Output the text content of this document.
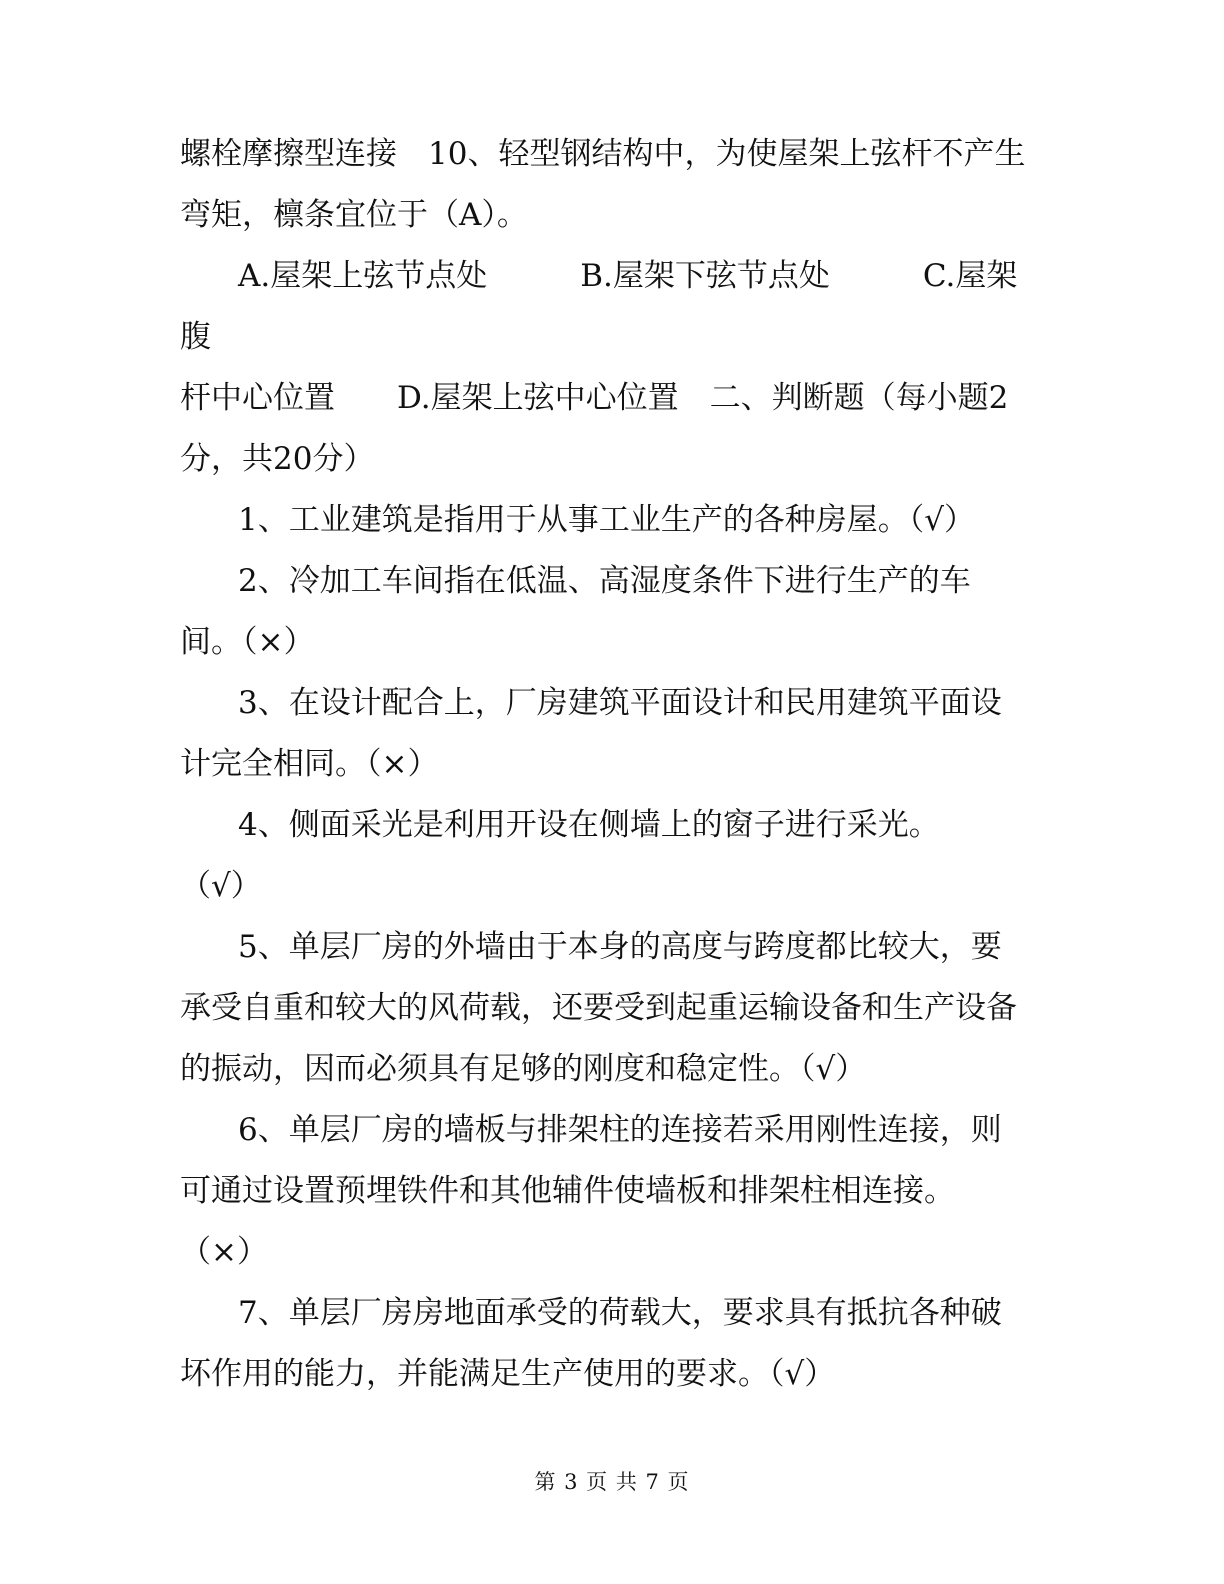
螺栓摩擦型连接　10、轻型钢结构中，为使屋架上弦杆不产生
弯矩，檩条宜位于（A）。
A.屋架上弦节点处　　　B.屋架下弦节点处　　　C.屋架腹
杆中心位置　　D.屋架上弦中心位置　二、判断题（每小题2
分，共20分）
1、工业建筑是指用于从事工业生产的各种房屋。（√）
2、冷加工车间指在低温、高湿度条件下进行生产的车
间。（×）
3、在设计配合上，厂房建筑平面设计和民用建筑平面设
计完全相同。（×）
4、侧面采光是利用开设在侧墙上的窗子进行采光。
（√）
5、单层厂房的外墙由于本身的高度与跨度都比较大，要
承受自重和较大的风荷载，还要受到起重运输设备和生产设备
的振动，因而必须具有足够的刚度和稳定性。（√）
6、单层厂房的墙板与排架柱的连接若采用刚性连接，则
可通过设置预埋铁件和其他辅件使墙板和排架柱相连接。
（×）
7、单层厂房房地面承受的荷载大，要求具有抵抗各种破
坏作用的能力，并能满足生产使用的要求。（√）
第 3 页 共 7 页
